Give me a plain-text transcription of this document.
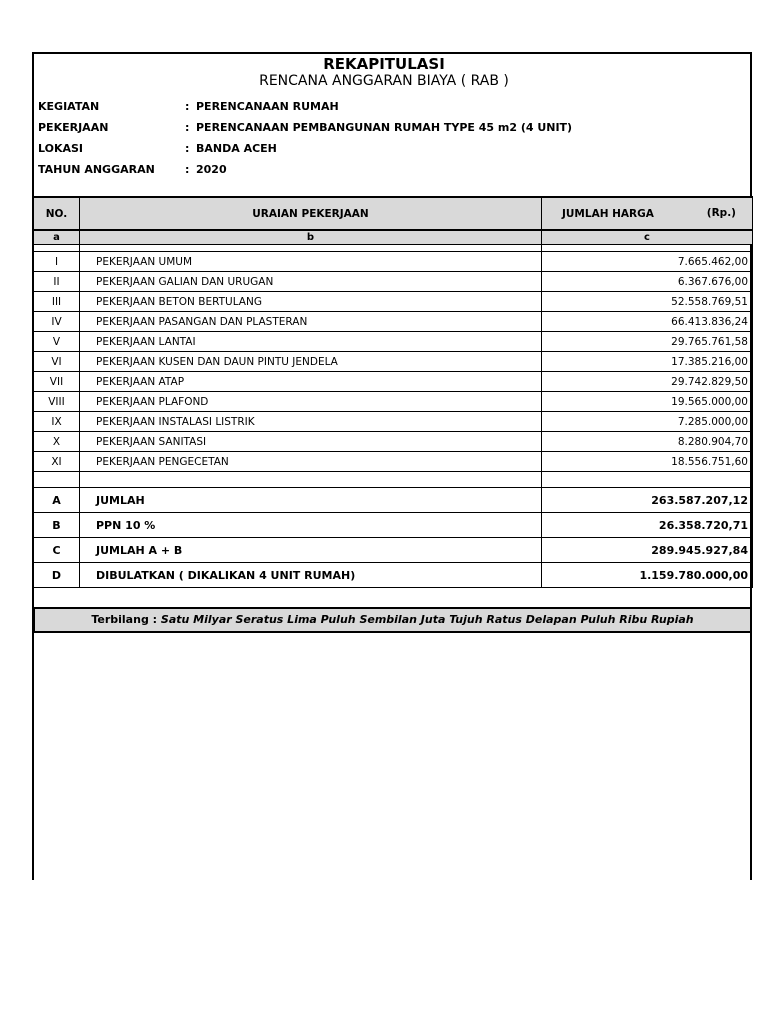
REKAPITULASI
RENCANA ANGGARAN BIAYA ( RAB )
KEGIATAN	: PERENCANAAN RUMAH
PEKERJAAN	: PERENCANAAN PEMBANGUNAN RUMAH TYPE 45 m2 (4 UNIT)
LOKASI	: BANDA ACEH
TAHUN ANGGARAN	: 2020
NO.	URAIAN PEKERJAAN	JUMLAH HARGA (Rp.)

a	b	c

I	PEKERJAAN UMUM	7.665.462,00
II	PEKERJAAN GALIAN DAN URUGAN	6.367.676,00
III	PEKERJAAN BETON BERTULANG	52.558.769,51
IV	PEKERJAAN PASANGAN DAN PLASTERAN	66.413.836,24
V	PEKERJAAN LANTAI	29.765.761,58
VI	PEKERJAAN KUSEN DAN DAUN PINTU JENDELA	17.385.216,00
VII	PEKERJAAN ATAP	29.742.829,50
VIII	PEKERJAAN PLAFOND	19.565.000,00
IX	PEKERJAAN INSTALASI LISTRIK	7.285.000,00
X	PEKERJAAN SANITASI	8.280.904,70
XI	PEKERJAAN PENGECETAN	18.556.751,60

A	JUMLAH	263.587.207,12
B	PPN 10 %	26.358.720,71
C	JUMLAH A + B	289.945.927,84
D	DIBULATKAN ( DIKALIKAN 4 UNIT RUMAH)	1.159.780.000,00
Terbilang : Satu Milyar Seratus Lima Puluh Sembilan Juta Tujuh Ratus Delapan Puluh Ribu Rupiah
